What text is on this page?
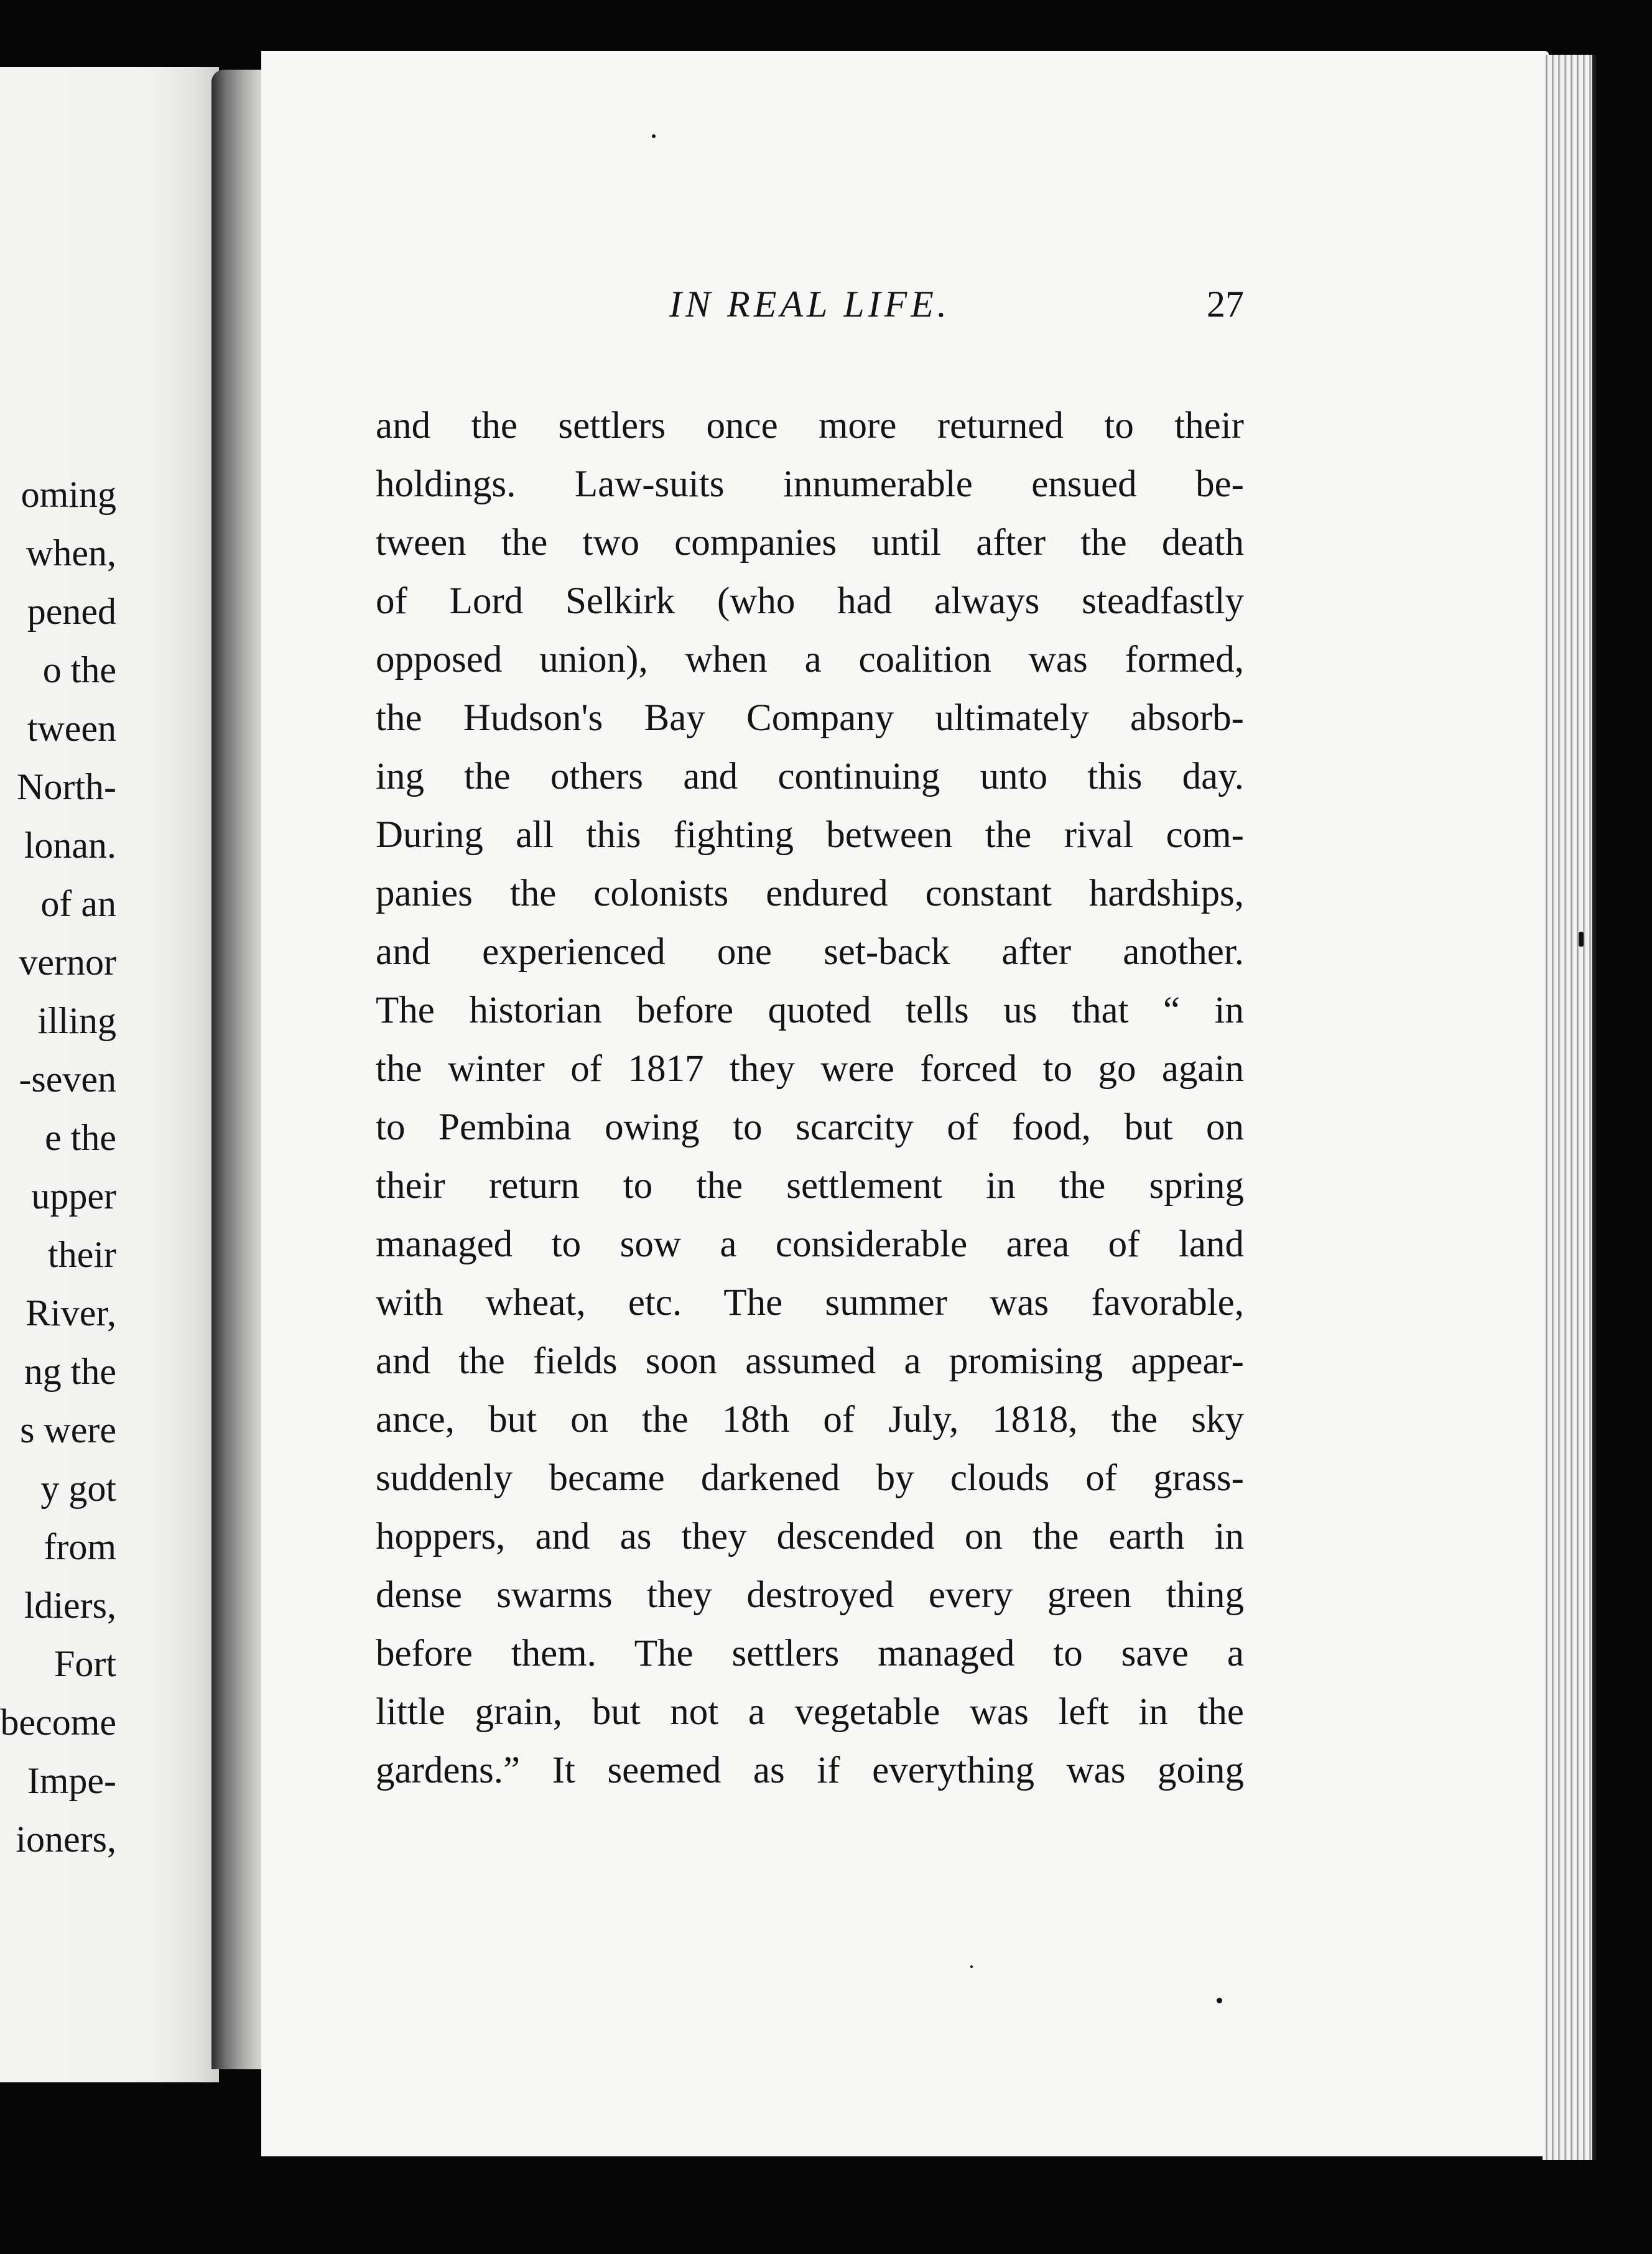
oming
when,
pened
o the
tween
North-
lonan.
of an
vernor
illing
-seven
e the
upper
their
River,
ng the
s were
y got
from
ldiers,
Fort
become
Impe-
ioners,
IN REAL LIFE.	27
and the settlers once more returned to their
holdings. Law-suits innumerable ensued be-
tween the two companies until after the death
of Lord Selkirk (who had always steadfastly
opposed union), when a coalition was formed,
the Hudson's Bay Company ultimately absorb-
ing the others and continuing unto this day.
During all this fighting between the rival com-
panies the colonists endured constant hardships,
and experienced one set-back after another.
The historian before quoted tells us that “ in
the winter of 1817 they were forced to go again
to Pembina owing to scarcity of food, but on
their return to the settlement in the spring
managed to sow a considerable area of land
with wheat, etc. The summer was favorable,
and the fields soon assumed a promising appear-
ance, but on the 18th of July, 1818, the sky
suddenly became darkened by clouds of grass-
hoppers, and as they descended on the earth in
dense swarms they destroyed every green thing
before them. The settlers managed to save a
little grain, but not a vegetable was left in the
gardens.” It seemed as if everything was going
